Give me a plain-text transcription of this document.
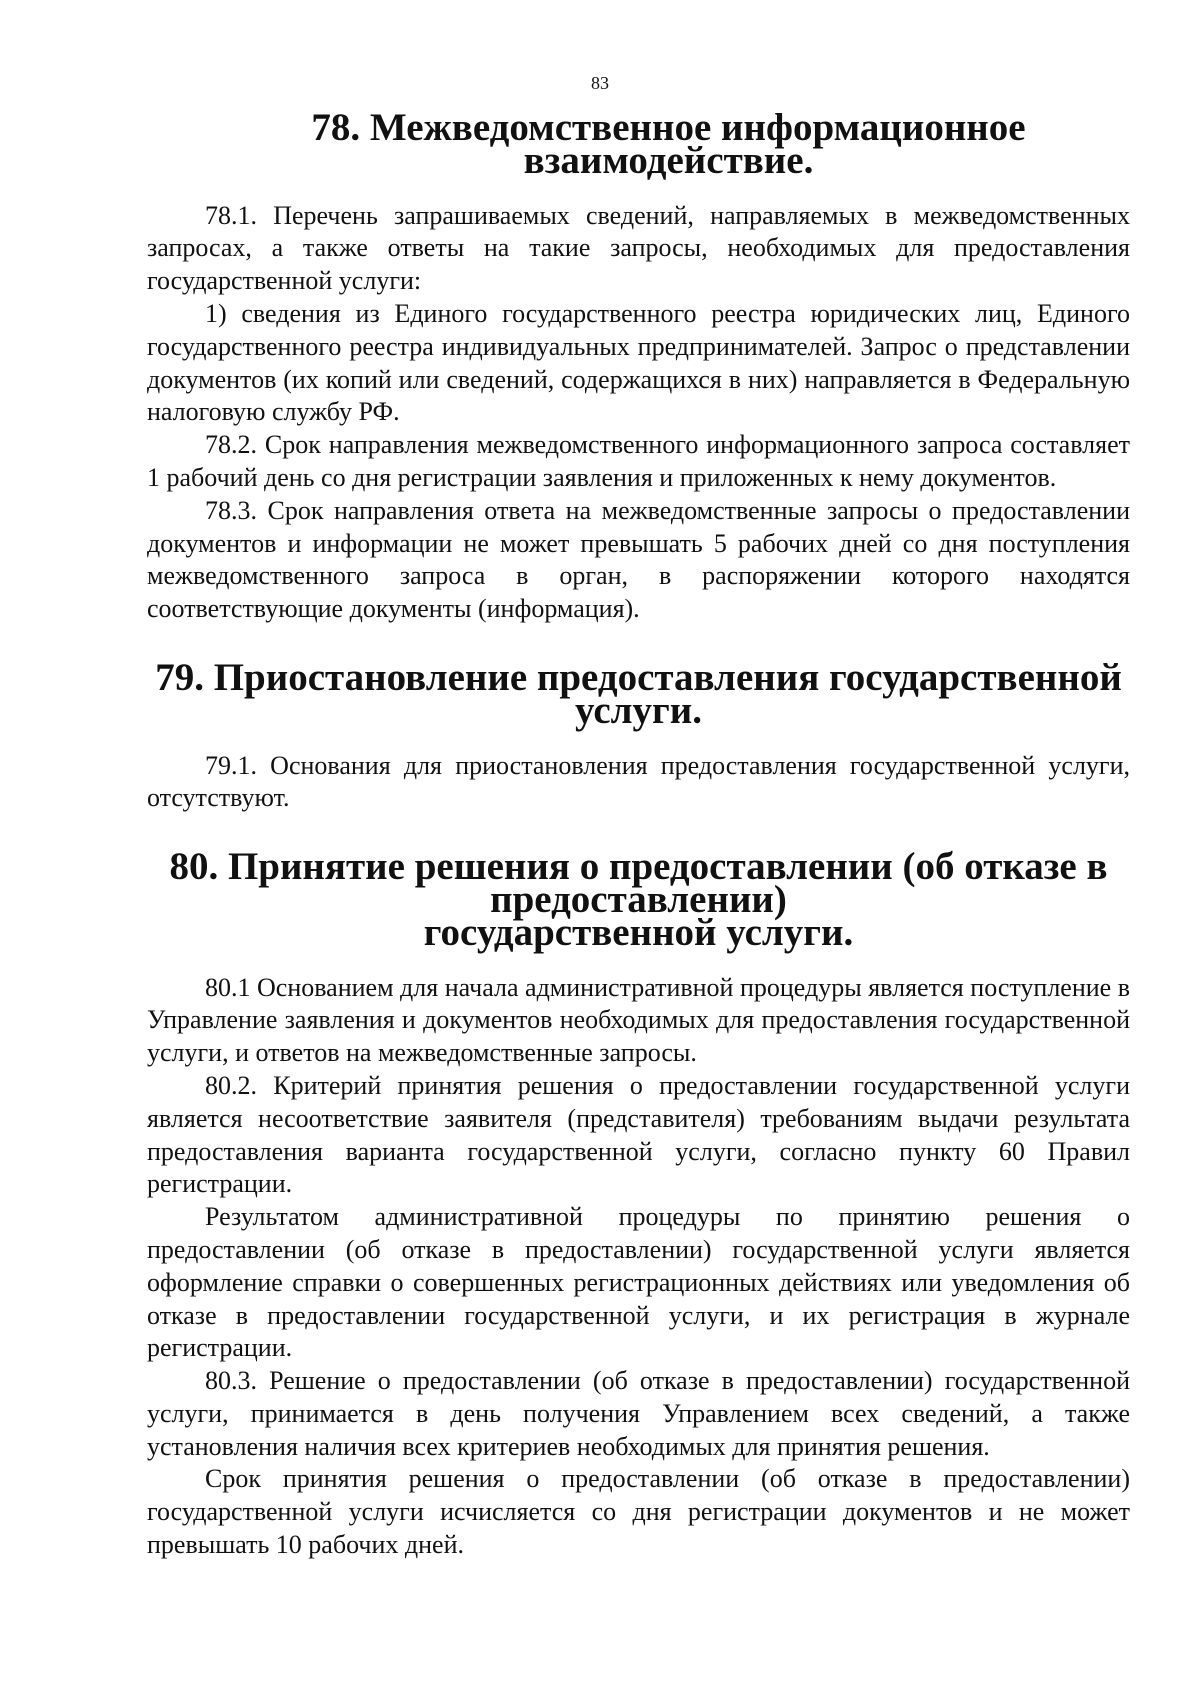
83
78. Межведомственное информационное взаимодействие.

78.1. Перечень запрашиваемых сведений, направляемых в межведомственных запросах, а также ответы на такие запросы, необходимых для предоставления государственной услуги:

1) сведения из Единого государственного реестра юридических лиц, Единого государственного реестра индивидуальных предпринимателей. Запрос о представлении документов (их копий или сведений, содержащихся в них) направляется в Федеральную налоговую службу РФ.

78.2. Срок направления межведомственного информационного запроса составляет 1 рабочий день со дня регистрации заявления и приложенных к нему документов.

78.3. Срок направления ответа на межведомственные запросы о предоставлении документов и информации не может превышать 5 рабочих дней со дня поступления межведомственного запроса в орган, в распоряжении которого находятся соответствующие документы (информация).

79. Приостановление предоставления государственной услуги.

79.1. Основания для приостановления предоставления государственной услуги, отсутствуют.

80. Принятие решения о предоставлении (об отказе в предоставлении)
государственной услуги.

80.1 Основанием для начала административной процедуры является поступление в Управление заявления и документов необходимых для предоставления государственной услуги, и ответов на межведомственные запросы.

80.2. Критерий принятия решения о предоставлении государственной услуги является несоответствие заявителя (представителя) требованиям выдачи результата предоставления варианта государственной услуги, согласно пункту 60 Правил регистрации.

Результатом административной процедуры по принятию решения о предоставлении (об отказе в предоставлении) государственной услуги является оформление справки о совершенных регистрационных действиях или уведомления об отказе в предоставлении государственной услуги, и их регистрация в журнале регистрации.

80.3. Решение о предоставлении (об отказе в предоставлении) государственной услуги, принимается в день получения Управлением всех сведений, а также установления наличия всех критериев необходимых для принятия решения.

Срок принятия решения о предоставлении (об отказе в предоставлении) государственной услуги исчисляется со дня регистрации документов и не может превышать 10 рабочих дней.
